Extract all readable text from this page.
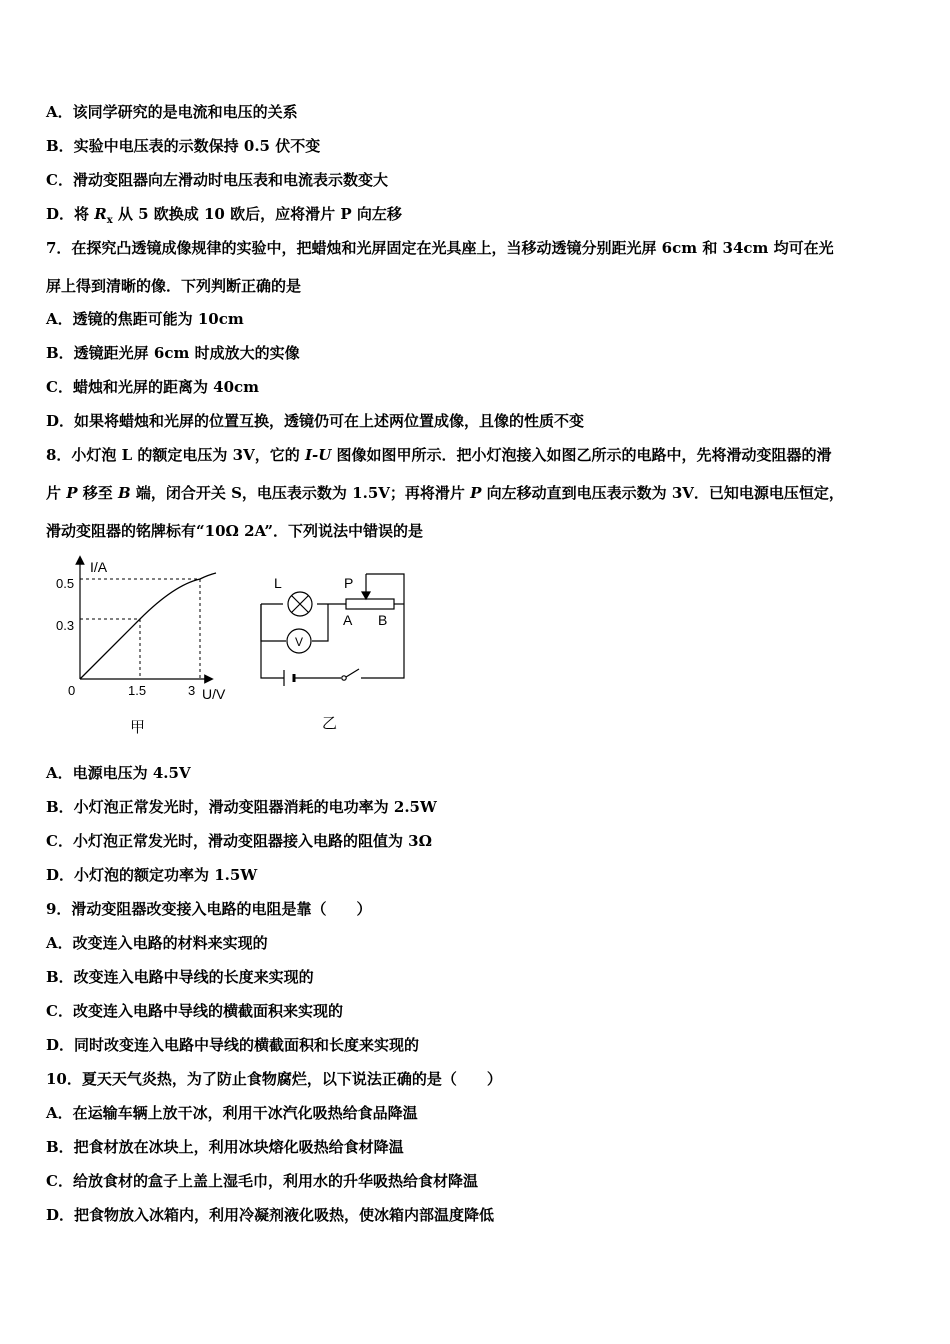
A．该同学研究的是电流和电压的关系
B．实验中电压表的示数保持 0.5 伏不变
C．滑动变阻器向左滑动时电压表和电流表示数变大
D．将 $R_x$ 从 5 欧换成 10 欧后，应将滑片 P 向左移
7．在探究凸透镜成像规律的实验中，把蜡烛和光屏固定在光具座上，当移动透镜分别距光屏 6cm 和 34cm 均可在光
屏上得到清晰的像．下列判断正确的是
A．透镜的焦距可能为 10cm
B．透镜距光屏 6cm 时成放大的实像
C．蜡烛和光屏的距离为 40cm
D．如果将蜡烛和光屏的位置互换，透镜仍可在上述两位置成像，且像的性质不变
8．小灯泡 L 的额定电压为 3V，它的 I-U 图像如图甲所示．把小灯泡接入如图乙所示的电路中，先将滑动变阻器的滑
片 P 移至 B 端，闭合开关 S，电压表示数为 1.5V；再将滑片 P 向左移动直到电压表示数为 3V．已知电源电压恒定，
滑动变阻器的铭牌标有“10Ω 2A”．下列说法中错误的是
I/A
U/V
0
0.5
0.3
1.5	3
甲
L	P
A B
V
乙
A．电源电压为 4.5V
B．小灯泡正常发光时，滑动变阻器消耗的电功率为 2.5W
C．小灯泡正常发光时，滑动变阻器接入电路的阻值为 3Ω
D．小灯泡的额定功率为 1.5W
9．滑动变阻器改变接入电路的电阻是靠（　　）
A．改变连入电路的材料来实现的
B．改变连入电路中导线的长度来实现的
C．改变连入电路中导线的横截面积来实现的
D．同时改变连入电路中导线的横截面积和长度来实现的
10．夏天天气炎热，为了防止食物腐烂，以下说法正确的是（　　）
A．在运输车辆上放干冰，利用干冰汽化吸热给食品降温
B．把食材放在冰块上，利用冰块熔化吸热给食材降温
C．给放食材的盒子上盖上湿毛巾，利用水的升华吸热给食材降温
D．把食物放入冰箱内，利用冷凝剂液化吸热，使冰箱内部温度降低
